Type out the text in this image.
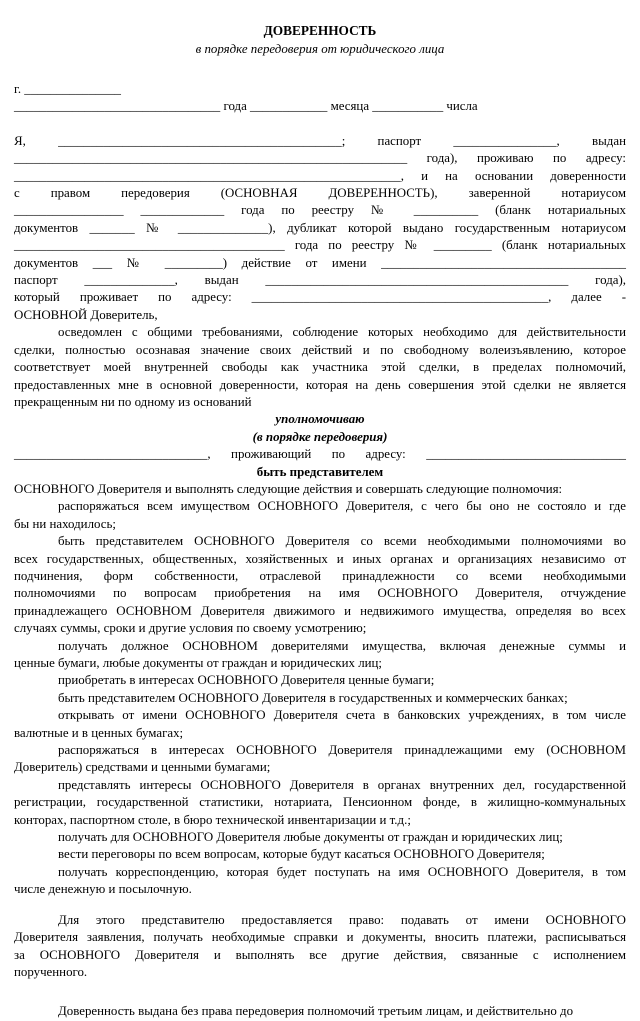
ДОВЕРЕННОСТЬ
в порядке передоверия от юридического лица
г. _______________
________________________________ года ____________ месяца ___________ числа
Я, ____________________________________________; паспорт ________________, выдан
_____________________________________________________________ года), проживаю по адресу:
____________________________________________________________, и на основании доверенности
с правом передоверия (ОСНОВНАЯ ДОВЕРЕННОСТЬ), заверенной нотариусом
_________________ _____________ года по реестру № __________ (бланк нотариальных
документов _______ № ______________), дубликат которой выдано государственным нотариусом
__________________________________________ года по реестру № _________ (бланк нотариальных
документов ___ № _________) действие от имени ______________________________________
паспорт ______________, выдан _______________________________________________ года),
который проживает по адресу: ______________________________________________, далее -
ОСНОВНОЙ Доверитель,
осведомлен с общими требованиями, соблюдение которых необходимо для действительности
сделки, полностью осознавая значение своих действий и по свободному волеизъявлению, которое
соответствует моей внутренней свободы как участника этой сделки, в пределах полномочий,
предоставленных мне в основной доверенности, которая на день совершения этой сделки не является
прекращенным ни по одному из оснований
уполномочиваю
(в порядке передоверия)
______________________________, проживающий по адресу: _______________________________
быть представителем
ОСНОВНОГО Доверителя и выполнять следующие действия и совершать следующие полномочия:
распоряжаться всем имуществом ОСНОВНОГО Доверителя, с чего бы оно не состояло и где
бы ни находилось;
быть представителем ОСНОВНОГО Доверителя со всеми необходимыми полномочиями во
всех государственных, общественных, хозяйственных и иных органах и организациях независимо от
подчинения, форм собственности, отраслевой принадлежности со всеми необходимыми
полномочиями по вопросам приобретения на имя ОСНОВНОГО Доверителя, отчуждение
принадлежащего ОСНОВНОМ Доверителя движимого и недвижимого имущества, определяя во всех
случаях суммы, сроки и другие условия по своему усмотрению;
получать должное ОСНОВНОМ доверителями имущества, включая денежные суммы и
ценные бумаги, любые документы от граждан и юридических лиц;
приобретать в интересах ОСНОВНОГО Доверителя ценные бумаги;
быть представителем ОСНОВНОГО Доверителя в государственных и коммерческих банках;
открывать от имени ОСНОВНОГО Доверителя счета в банковских учреждениях, в том числе
валютные и в ценных бумагах;
распоряжаться в интересах ОСНОВНОГО Доверителя принадлежащими ему (ОСНОВНОМ
Доверитель) средствами и ценными бумагами;
представлять интересы ОСНОВНОГО Доверителя в органах внутренних дел, государственной
регистрации, государственной статистики, нотариата, Пенсионном фонде, в жилищно-коммунальных
конторах, паспортном столе, в бюро технической инвентаризации и т.д.;
получать для ОСНОВНОГО Доверителя любые документы от граждан и юридических лиц;
вести переговоры по всем вопросам, которые будут касаться ОСНОВНОГО Доверителя;
получать корреспонденцию, которая будет поступать на имя ОСНОВНОГО Доверителя, в том
числе денежную и посылочную.
Для этого представителю предоставляется право: подавать от имени ОСНОВНОГО
Доверителя заявления, получать необходимые справки и документы, вносить платежи, расписываться
за ОСНОВНОГО Доверителя и выполнять все другие действия, связанные с исполнением
порученного.
Доверенность выдана без права передоверия полномочий третьим лицам, и действительно до
